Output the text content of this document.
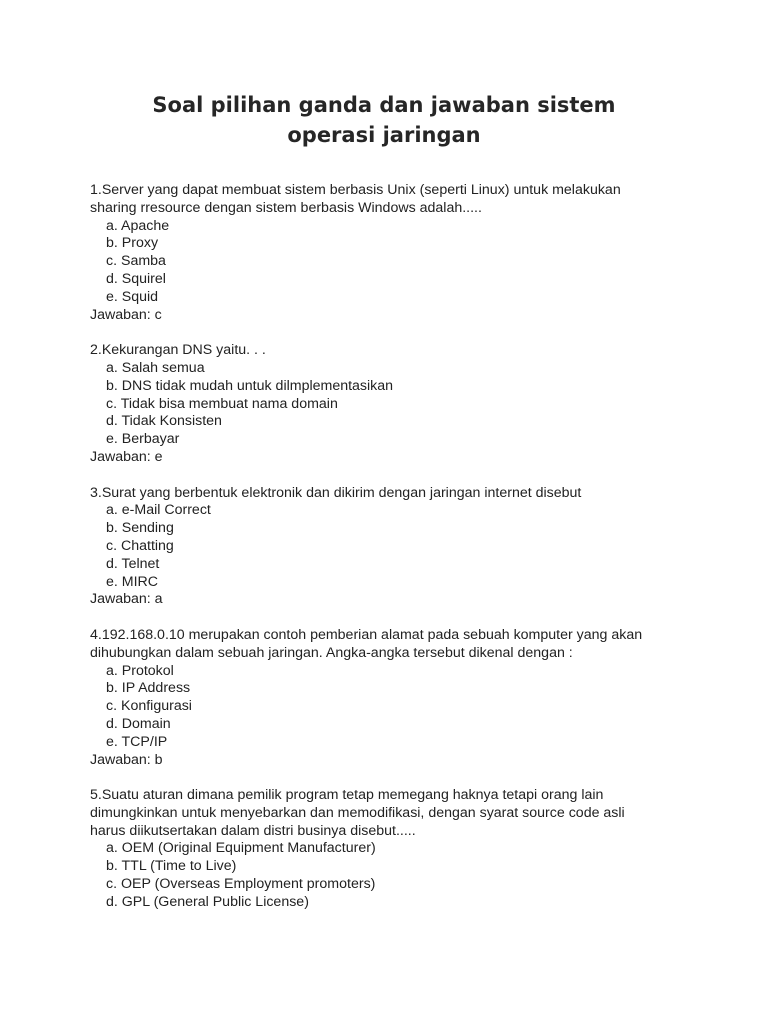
Soal pilihan ganda dan jawaban sistem
operasi jaringan

1.Server yang dapat membuat sistem berbasis Unix (seperti Linux) untuk melakukan
sharing rresource dengan sistem berbasis Windows adalah.....

a. Apache
b. Proxy
c. Samba
d. Squirel
e. Squid

Jawaban: c

2.Kekurangan DNS yaitu. . .

a. Salah semua
b. DNS tidak mudah untuk dilmplementasikan
c. Tidak bisa membuat nama domain
d. Tidak Konsisten
e. Berbayar

Jawaban: e

3.Surat yang berbentuk elektronik dan dikirim dengan jaringan internet disebut

a. e-Mail Correct
b. Sending
c. Chatting
d. Telnet
e. MIRC

Jawaban: a

4.192.168.0.10 merupakan contoh pemberian alamat pada sebuah komputer yang akan
dihubungkan dalam sebuah jaringan. Angka-angka tersebut dikenal dengan :

a. Protokol
b. IP Address
c. Konfigurasi
d. Domain
e. TCP/IP

Jawaban: b

5.Suatu aturan dimana pemilik program tetap memegang haknya tetapi orang lain
dimungkinkan untuk menyebarkan dan memodifikasi, dengan syarat source code asli
harus diikutsertakan dalam distri businya disebut.....

a. OEM (Original Equipment Manufacturer)
b. TTL (Time to Live)
c. OEP (Overseas Employment promoters)
d. GPL (General Public License)
